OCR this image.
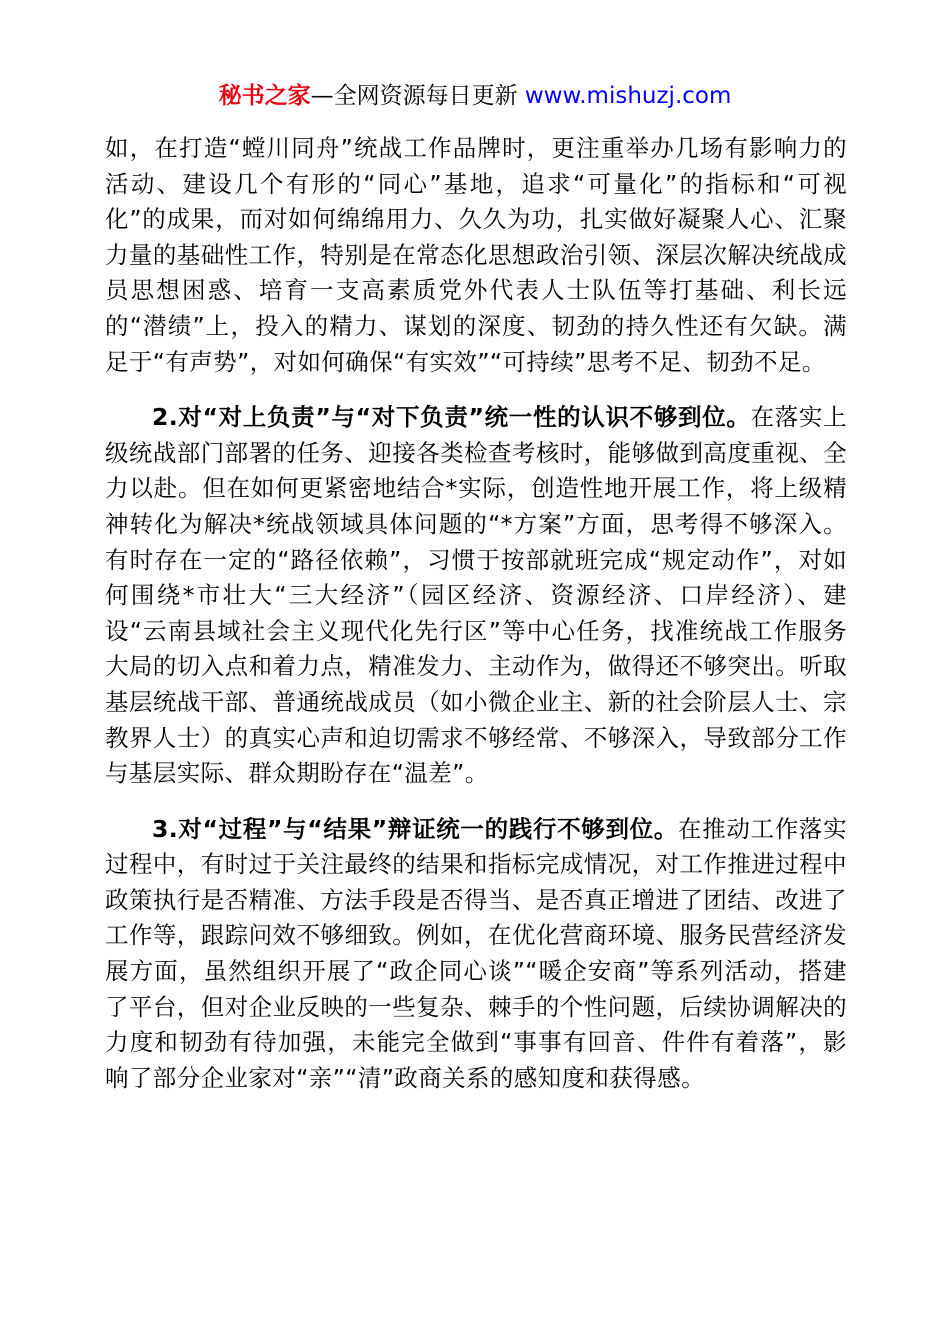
秘书之家—全网资源每日更新 www.mishuzj.com

如，在打造“螳川同舟”统战工作品牌时，更注重举办几场有影响力的活动、建设几个有形的“同心”基地，追求“可量化”的指标和“可视化”的成果，而对如何绵绵用力、久久为功，扎实做好凝聚人心、汇聚力量的基础性工作，特别是在常态化思想政治引领、深层次解决统战成员思想困惑、培育一支高素质党外代表人士队伍等打基础、利长远的“潜绩”上，投入的精力、谋划的深度、韧劲的持久性还有欠缺。满足于“有声势”，对如何确保“有实效”“可持续”思考不足、韧劲不足。

2.对“对上负责”与“对下负责”统一性的认识不够到位。在落实上级统战部门部署的任务、迎接各类检查考核时，能够做到高度重视、全力以赴。但在如何更紧密地结合*实际，创造性地开展工作，将上级精神转化为解决*统战领域具体问题的“*方案”方面，思考得不够深入。有时存在一定的“路径依赖”，习惯于按部就班完成“规定动作”，对如何围绕*市壮大“三大经济”（园区经济、资源经济、口岸经济）、建设“云南县域社会主义现代化先行区”等中心任务，找准统战工作服务大局的切入点和着力点，精准发力、主动作为，做得还不够突出。听取基层统战干部、普通统战成员（如小微企业主、新的社会阶层人士、宗教界人士）的真实心声和迫切需求不够经常、不够深入，导致部分工作与基层实际、群众期盼存在“温差”。

3.对“过程”与“结果”辩证统一的践行不够到位。在推动工作落实过程中，有时过于关注最终的结果和指标完成情况，对工作推进过程中政策执行是否精准、方法手段是否得当、是否真正增进了团结、改进了工作等，跟踪问效不够细致。例如，在优化营商环境、服务民营经济发展方面，虽然组织开展了“政企同心谈”“暖企安商”等系列活动，搭建了平台，但对企业反映的一些复杂、棘手的个性问题，后续协调解决的力度和韧劲有待加强，未能完全做到“事事有回音、件件有着落”，影响了部分企业家对“亲”“清”政商关系的感知度和获得感。
